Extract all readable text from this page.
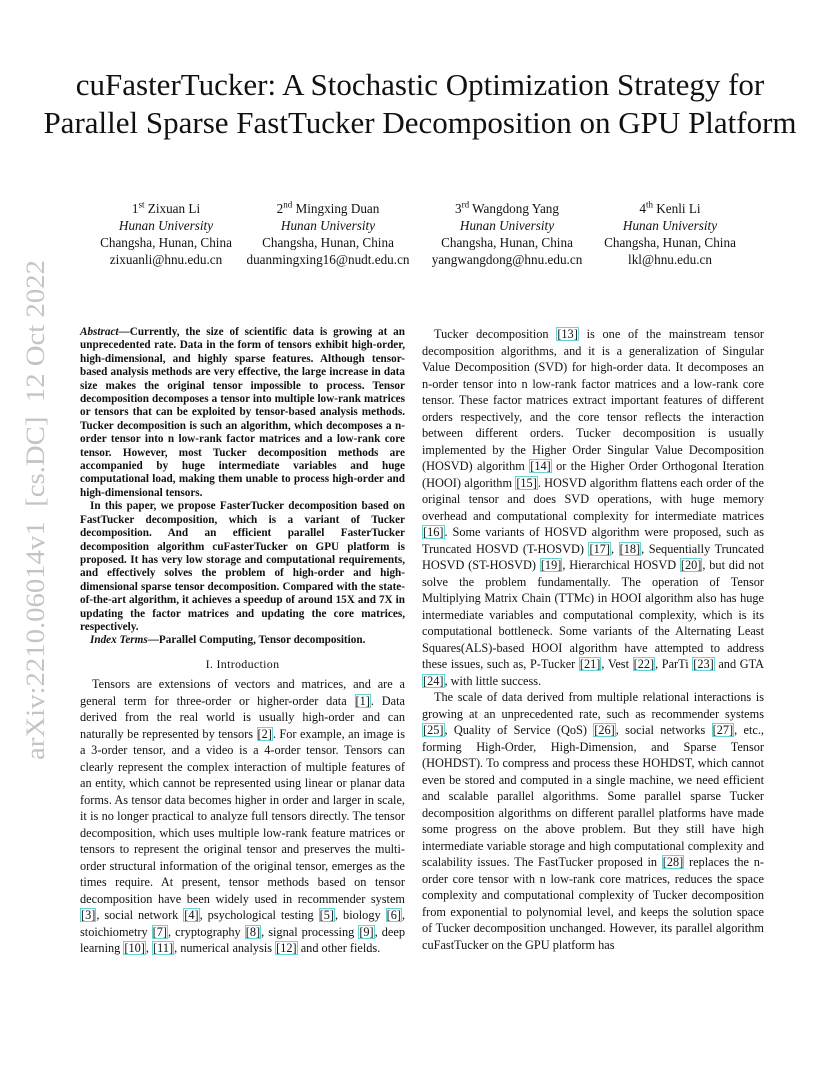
arXiv:2210.06014v1  [cs.DC]  12 Oct 2022
cuFasterTucker: A Stochastic Optimization Strategy for Parallel Sparse FastTucker Decomposition on GPU Platform
1st Zixuan Li
Hunan University
Changsha, Hunan, China
zixuanli@hnu.edu.cn
2nd Mingxing Duan
Hunan University
Changsha, Hunan, China
duanmingxing16@nudt.edu.cn
3rd Wangdong Yang
Hunan University
Changsha, Hunan, China
yangwangdong@hnu.edu.cn
4th Kenli Li
Hunan University
Changsha, Hunan, China
lkl@hnu.edu.cn

Abstract—Currently, the size of scientific data is growing at an unprecedented rate. Data in the form of tensors exhibit high-order, high-dimensional, and highly sparse features. Although tensor-based analysis methods are very effective, the large increase in data size makes the original tensor impossible to process. Tensor decomposition decomposes a tensor into multiple low-rank matrices or tensors that can be exploited by tensor-based analysis methods. Tucker decomposition is such an algorithm, which decomposes a n-order tensor into n low-rank factor matrices and a low-rank core tensor. However, most Tucker decomposition methods are accompanied by huge intermediate variables and huge computational load, making them unable to process high-order and high-dimensional tensors.

In this paper, we propose FasterTucker decomposition based on FastTucker decomposition, which is a variant of Tucker decomposition. And an efficient parallel FasterTucker decomposition algorithm cuFasterTucker on GPU platform is proposed. It has very low storage and computational requirements, and effectively solves the problem of high-order and high-dimensional sparse tensor decomposition. Compared with the state-of-the-art algorithm, it achieves a speedup of around 15X and 7X in updating the factor matrices and updating the core matrices, respectively.

Index Terms—Parallel Computing, Tensor decomposition.

I. Introduction

Tensors are extensions of vectors and matrices, and are a general term for three-order or higher-order data [1]. Data derived from the real world is usually high-order and can naturally be represented by tensors [2]. For example, an image is a 3-order tensor, and a video is a 4-order tensor. Tensors can clearly represent the complex interaction of multiple features of an entity, which cannot be represented using linear or planar data forms. As tensor data becomes higher in order and larger in scale, it is no longer practical to analyze full tensors directly. The tensor decomposition, which uses multiple low-rank feature matrices or tensors to represent the original tensor and preserves the multi-order structural information of the original tensor, emerges as the times require. At present, tensor methods based on tensor decomposition have been widely used in recommender system [3], social network [4], psychological testing [5], biology [6], stoichiometry [7], cryptography [8], signal processing [9], deep learning [10], [11], numerical analysis [12] and other fields.

Tucker decomposition [13] is one of the mainstream tensor decomposition algorithms, and it is a generalization of Singular Value Decomposition (SVD) for high-order data. It decomposes an n-order tensor into n low-rank factor matrices and a low-rank core tensor. These factor matrices extract important features of different orders respectively, and the core tensor reflects the interaction between different orders. Tucker decomposition is usually implemented by the Higher Order Singular Value Decomposition (HOSVD) algorithm [14] or the Higher Order Orthogonal Iteration (HOOI) algorithm [15]. HOSVD algorithm flattens each order of the original tensor and does SVD operations, with huge memory overhead and computational complexity for intermediate matrices [16]. Some variants of HOSVD algorithm were proposed, such as Truncated HOSVD (T-HOSVD) [17], [18], Sequentially Truncated HOSVD (ST-HOSVD) [19], Hierarchical HOSVD [20], but did not solve the problem fundamentally. The operation of Tensor Multiplying Matrix Chain (TTMc) in HOOI algorithm also has huge intermediate variables and computational complexity, which is its computational bottleneck. Some variants of the Alternating Least Squares(ALS)-based HOOI algorithm have attempted to address these issues, such as, P-Tucker [21], Vest [22], ParTi [23] and GTA [24], with little success.

The scale of data derived from multiple relational interactions is growing at an unprecedented rate, such as recommender systems [25], Quality of Service (QoS) [26], social networks [27], etc., forming High-Order, High-Dimension, and Sparse Tensor (HOHDST). To compress and process these HOHDST, which cannot even be stored and computed in a single machine, we need efficient and scalable parallel algorithms. Some parallel sparse Tucker decomposition algorithms on different parallel platforms have made some progress on the above problem. But they still have high intermediate variable storage and high computational complexity and scalability issues. The FastTucker proposed in [28] replaces the n-order core tensor with n low-rank core matrices, reduces the space complexity and computational complexity of Tucker decomposition from exponential to polynomial level, and keeps the solution space of Tucker decomposition unchanged. However, its parallel algorithm cuFastTucker on the GPU platform has
